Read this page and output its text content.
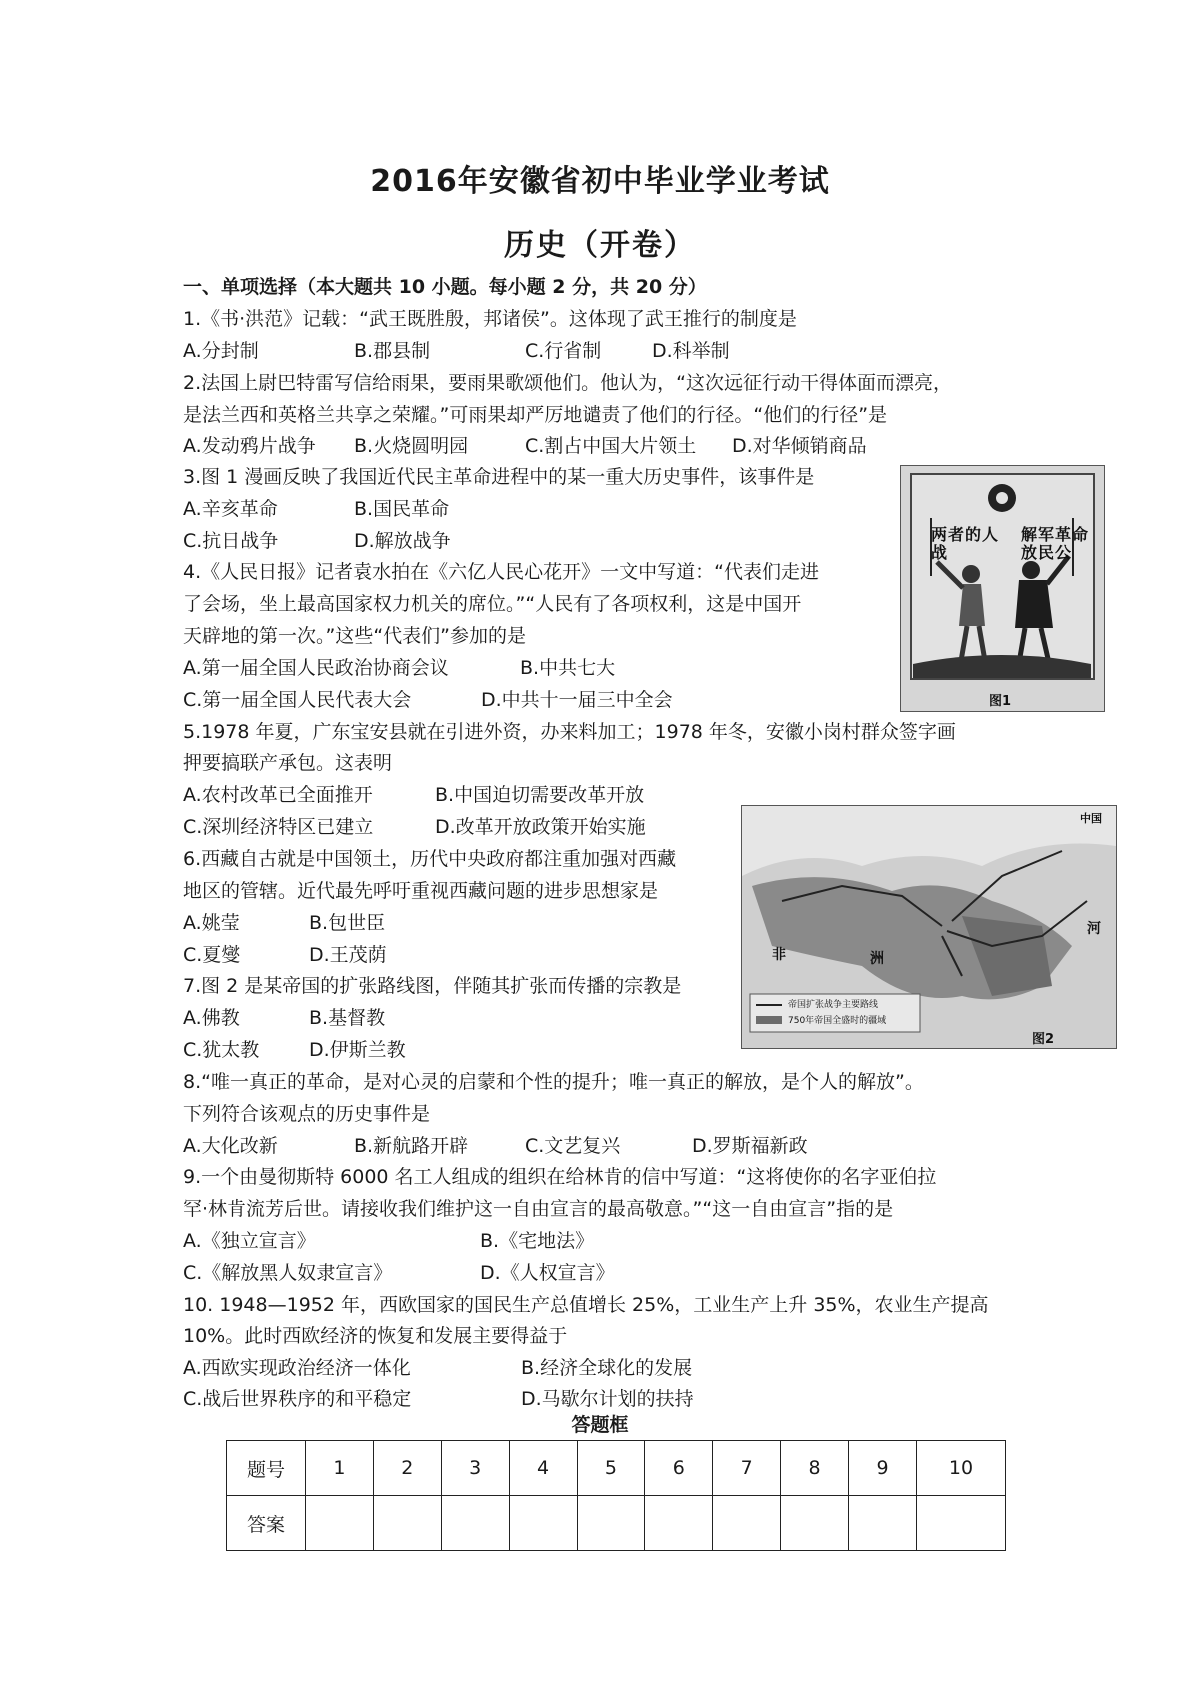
2016年安徽省初中毕业学业考试
历史（开卷）
一、单项选择（本大题共 10 小题。每小题 2 分，共 20 分）
1.《书·洪范》记载：“武王既胜殷，邦诸侯”。这体现了武王推行的制度是
A.分封制	B.郡县制	C.行省制	D.科举制
2.法国上尉巴特雷写信给雨果，要雨果歌颂他们。他认为，“这次远征行动干得体面而漂亮，
是法兰西和英格兰共享之荣耀。”可雨果却严厉地谴责了他们的行径。“他们的行径”是
A.发动鸦片战争 B.火烧圆明园	C.割占中国大片领土 D.对华倾销商品
3.图 1 漫画反映了我国近代民主革命进程中的某一重大历史事件，该事件是
A.辛亥革命	B.国民革命
C.抗日战争	D.解放战争	两者的人
战
解军革命
放民公
图1
4.《人民日报》记者袁水拍在《六亿人民心花开》一文中写道：“代表们走进
了会场，坐上最高国家权力机关的席位。”“人民有了各项权利，这是中国开
天辟地的第一次。”这些“代表们”参加的是
A.第一届全国人民政治协商会议	B.中共七大
C.第一届全国人民代表大会	D.中共十一届三中全会
5.1978 年夏，广东宝安县就在引进外资，办来料加工；1978 年冬，安徽小岗村群众签字画
押要搞联产承包。这表明
A.农村改革已全面推开	B.中国迫切需要改革开放
C.深圳经济特区已建立	D.改革开放政策开始实施
帝国扩张战争主要路线
750年帝国全盛时的疆域
非	洲
河
中国
图2
6.西藏自古就是中国领土，历代中央政府都注重加强对西藏
地区的管辖。近代最先呼吁重视西藏问题的进步思想家是
A.姚莹	B.包世臣
C.夏燮	D.王茂荫
7.图 2 是某帝国的扩张路线图，伴随其扩张而传播的宗教是
A.佛教	B.基督教
C.犹太教	D.伊斯兰教
8.“唯一真正的革命，是对心灵的启蒙和个性的提升；唯一真正的解放，是个人的解放”。
下列符合该观点的历史事件是
A.大化改新	B.新航路开辟	C.文艺复兴	D.罗斯福新政
9.一个由曼彻斯特 6000 名工人组成的组织在给林肯的信中写道：“这将使你的名字亚伯拉
罕·林肯流芳后世。请接收我们维护这一自由宣言的最高敬意。”“这一自由宣言”指的是
A.《独立宣言》	B.《宅地法》
C.《解放黑人奴隶宣言》	D.《人权宣言》
10. 1948—1952 年，西欧国家的国民生产总值增长 25%，工业生产上升 35%，农业生产提高
10%。此时西欧经济的恢复和发展主要得益于
A.西欧实现政治经济一体化	B.经济全球化的发展
C.战后世界秩序的和平稳定	D.马歇尔计划的扶持
答题框
题号	1	2	3	4	5	6	7	8	9	10
答案										
